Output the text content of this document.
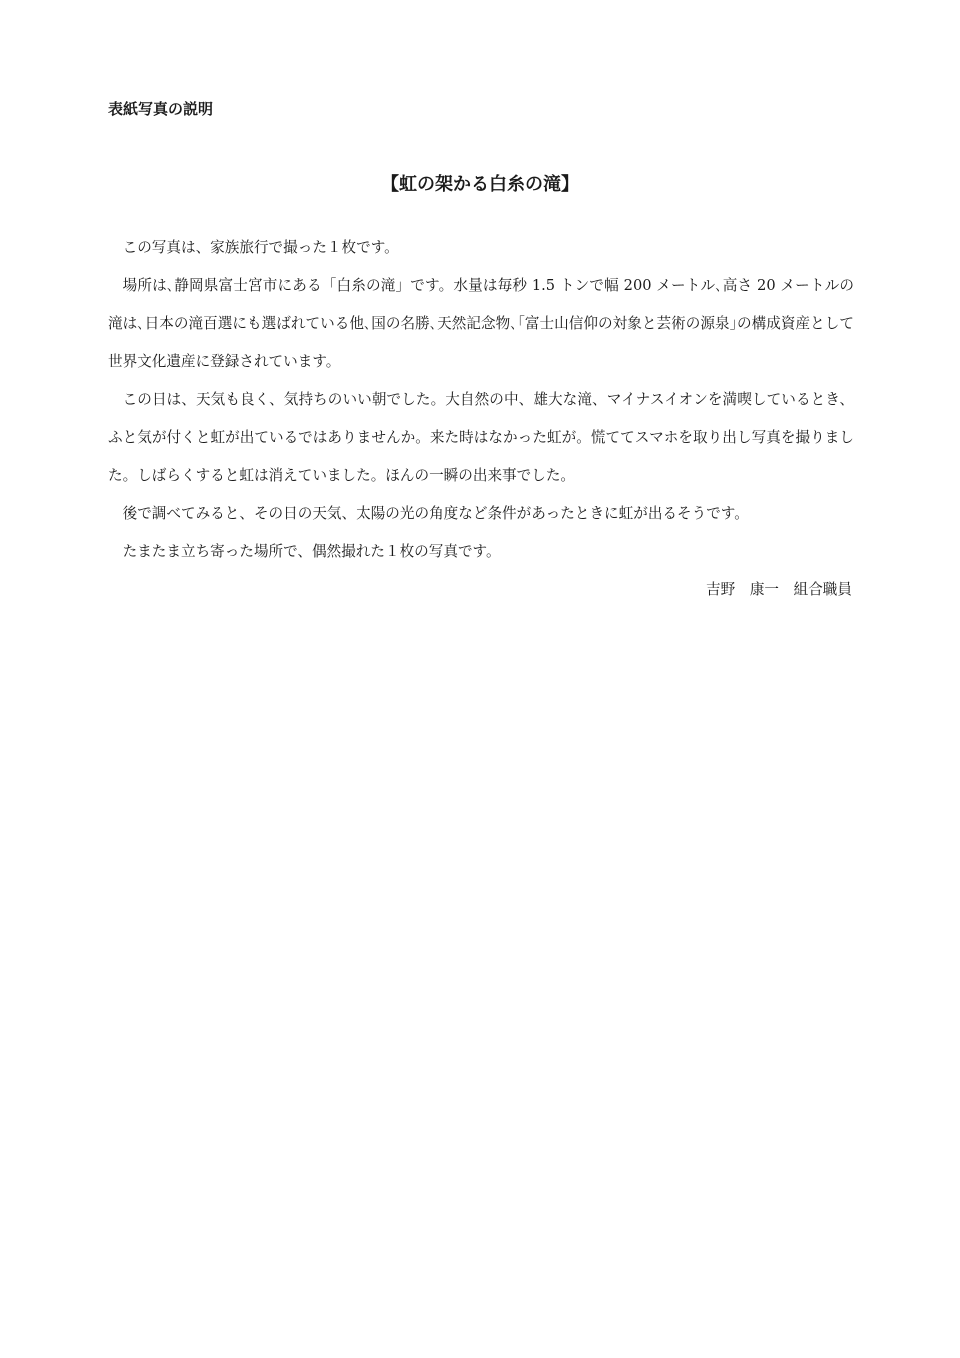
表紙写真の説明
【虹の架かる白糸の滝】

この写真は、家族旅行で撮った１枚です。

場所は､静岡県富士宮市にある「白糸の滝」です。水量は毎秒 1.5 トンで幅 200 メートル､高さ 20 メートルの滝は､日本の滝百選にも選ばれている他､国の名勝､天然記念物､｢富士山信仰の対象と芸術の源泉｣の構成資産として世界文化遺産に登録されています。

この日は、天気も良く、気持ちのいい朝でした。大自然の中、雄大な滝、マイナスイオンを満喫しているとき、ふと気が付くと虹が出ているではありませんか。来た時はなかった虹が。慌ててスマホを取り出し写真を撮りました。しばらくすると虹は消えていました。ほんの一瞬の出来事でした。

後で調べてみると、その日の天気、太陽の光の角度など条件があったときに虹が出るそうです。

たまたま立ち寄った場所で、偶然撮れた１枚の写真です。

吉野　康一　組合職員
